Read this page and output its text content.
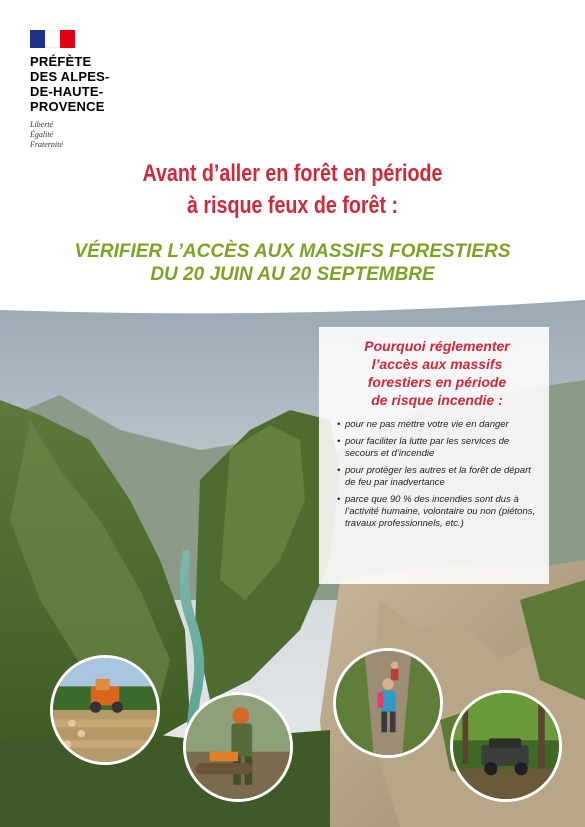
PRÉFÈTE
DES ALPES-
DE-HAUTE-
PROVENCE
Liberté
Égalité
Fraternité
Avant d’aller en forêt en période
à risque feux de forêt :
VÉRIFIER L’ACCÈS AUX MASSIFS FORESTIERS
DU 20 JUIN AU 20 SEPTEMBRE
Pourquoi réglementer
l’accès aux massifs
forestiers en période
de risque incendie :
• pour ne pas mettre votre vie en danger
• pour faciliter la lutte par les services de secours et d’incendie
• pour protéger les autres et la forêt de départ de feu par inadvertance
• parce que 90 % des incendies sont dus à l’activité humaine, volontaire ou non (piétons, travaux professionnels, etc.)
